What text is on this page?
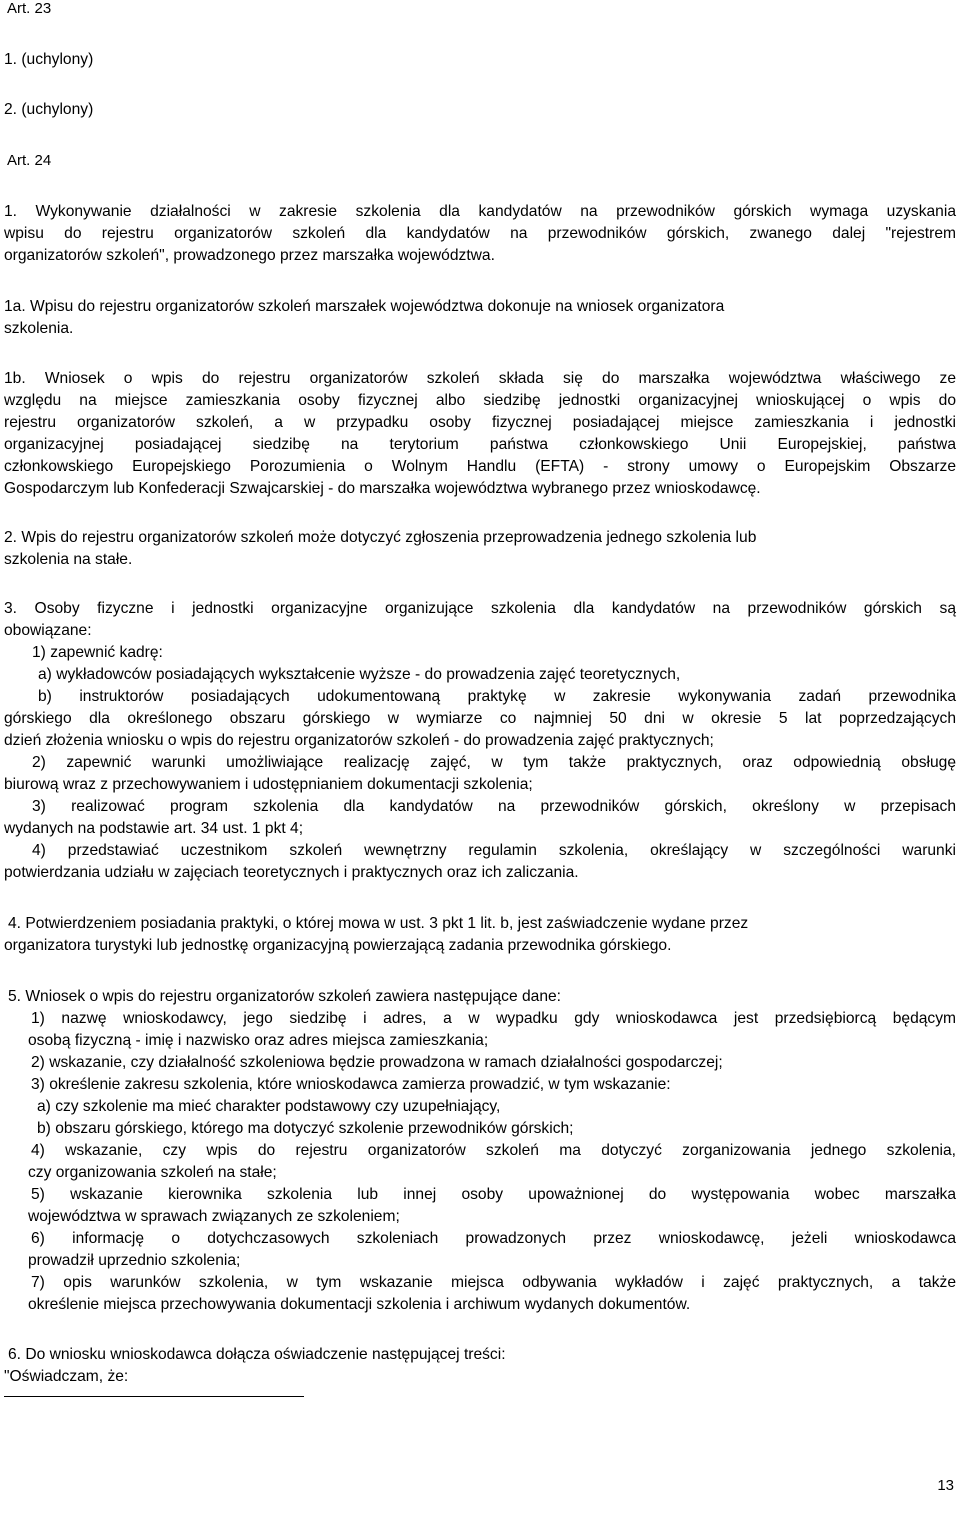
Art. 23
1. (uchylony)
2. (uchylony)
Art. 24
1. Wykonywanie działalności w zakresie szkolenia dla kandydatów na przewodników górskich wymaga uzyskania
wpisu do rejestru organizatorów szkoleń dla kandydatów na przewodników górskich, zwanego dalej "rejestrem
organizatorów szkoleń", prowadzonego przez marszałka województwa.
1a. Wpisu do rejestru organizatorów szkoleń marszałek województwa dokonuje na wniosek organizatora
szkolenia.
1b. Wniosek o wpis do rejestru organizatorów szkoleń składa się do marszałka województwa właściwego ze
względu na miejsce zamieszkania osoby fizycznej albo siedzibę jednostki organizacyjnej wnioskującej o wpis do
rejestru organizatorów szkoleń, a w przypadku osoby fizycznej posiadającej miejsce zamieszkania i jednostki
organizacyjnej posiadającej siedzibę na terytorium państwa członkowskiego Unii Europejskiej, państwa
członkowskiego Europejskiego Porozumienia o Wolnym Handlu (EFTA) - strony umowy o Europejskim Obszarze
Gospodarczym lub Konfederacji Szwajcarskiej - do marszałka województwa wybranego przez wnioskodawcę.
2. Wpis do rejestru organizatorów szkoleń może dotyczyć zgłoszenia przeprowadzenia jednego szkolenia lub
szkolenia na stałe.
3. Osoby fizyczne i jednostki organizacyjne organizujące szkolenia dla kandydatów na przewodników górskich są
obowiązane:
1) zapewnić kadrę:
a) wykładowców posiadających wykształcenie wyższe - do prowadzenia zajęć teoretycznych,
b) instruktorów posiadających udokumentowaną praktykę w zakresie wykonywania zadań przewodnika
górskiego dla określonego obszaru górskiego w wymiarze co najmniej 50 dni w okresie 5 lat poprzedzających
dzień złożenia wniosku o wpis do rejestru organizatorów szkoleń - do prowadzenia zajęć praktycznych;
2) zapewnić warunki umożliwiające realizację zajęć, w tym także praktycznych, oraz odpowiednią obsługę
biurową wraz z przechowywaniem i udostępnianiem dokumentacji szkolenia;
3) realizować program szkolenia dla kandydatów na przewodników górskich, określony w przepisach
wydanych na podstawie art. 34 ust. 1 pkt 4;
4) przedstawiać uczestnikom szkoleń wewnętrzny regulamin szkolenia, określający w szczególności warunki
potwierdzania udziału w zajęciach teoretycznych i praktycznych oraz ich zaliczania.
4. Potwierdzeniem posiadania praktyki, o której mowa w ust. 3 pkt 1 lit. b, jest zaświadczenie wydane przez
organizatora turystyki lub jednostkę organizacyjną powierzającą zadania przewodnika górskiego.
5. Wniosek o wpis do rejestru organizatorów szkoleń zawiera następujące dane:
1) nazwę wnioskodawcy, jego siedzibę i adres, a w wypadku gdy wnioskodawca jest przedsiębiorcą będącym
osobą fizyczną - imię i nazwisko oraz adres miejsca zamieszkania;
2) wskazanie, czy działalność szkoleniowa będzie prowadzona w ramach działalności gospodarczej;
3) określenie zakresu szkolenia, które wnioskodawca zamierza prowadzić, w tym wskazanie:
a) czy szkolenie ma mieć charakter podstawowy czy uzupełniający,
b) obszaru górskiego, którego ma dotyczyć szkolenie przewodników górskich;
4) wskazanie, czy wpis do rejestru organizatorów szkoleń ma dotyczyć zorganizowania jednego szkolenia,
czy organizowania szkoleń na stałe;
5) wskazanie kierownika szkolenia lub innej osoby upoważnionej do występowania wobec marszałka
województwa w sprawach związanych ze szkoleniem;
6) informację o dotychczasowych szkoleniach prowadzonych przez wnioskodawcę, jeżeli wnioskodawca
prowadził uprzednio szkolenia;
7) opis warunków szkolenia, w tym wskazanie miejsca odbywania wykładów i zajęć praktycznych, a także
określenie miejsca przechowywania dokumentacji szkolenia i archiwum wydanych dokumentów.
6. Do wniosku wnioskodawca dołącza oświadczenie następującej treści:
"Oświadczam, że:
13
